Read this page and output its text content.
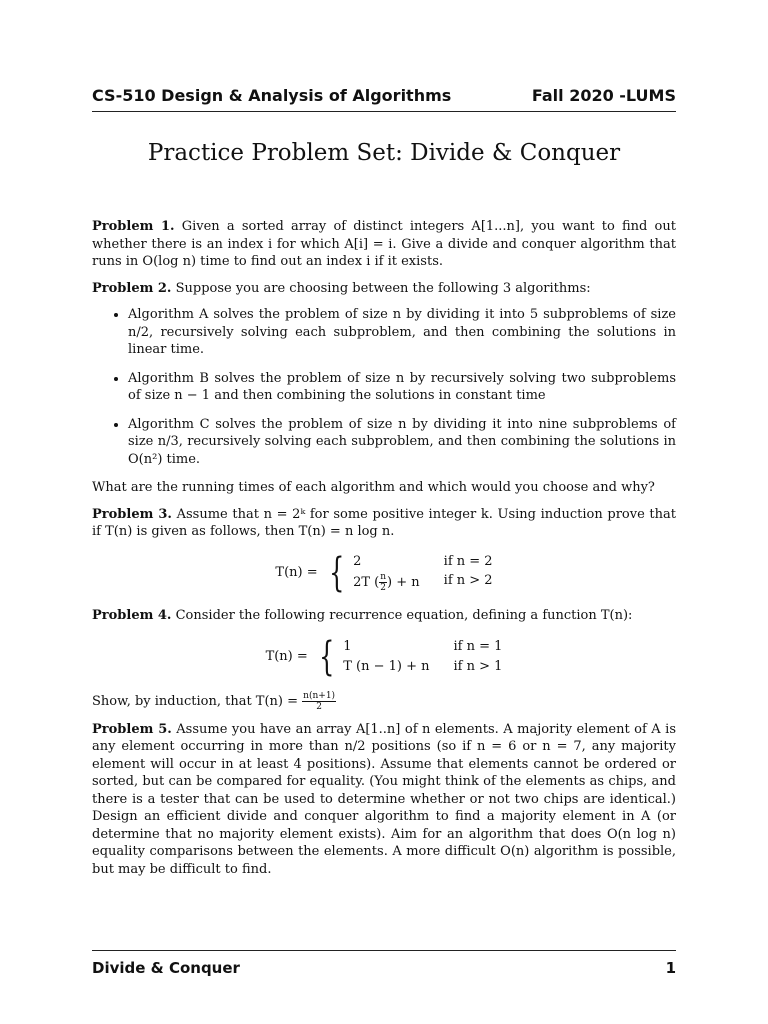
CS-510 Design & Analysis of Algorithms	Fall 2020 -LUMS
Practice Problem Set: Divide & Conquer

Problem 1. Given a sorted array of distinct integers A[1...n], you want to find out whether there is an index i for which A[i] = i. Give a divide and conquer algorithm that runs in O(log n) time to find out an index i if it exists.

Problem 2. Suppose you are choosing between the following 3 algorithms:

• Algorithm A solves the problem of size n by dividing it into 5 subproblems of size n/2, recursively solving each subproblem, and then combining the solutions in linear time.
• Algorithm B solves the problem of size n by recursively solving two subproblems of size n − 1 and then combining the solutions in constant time
• Algorithm C solves the problem of size n by dividing it into nine subproblems of size n/3, recursively solving each subproblem, and then combining the solutions in O(n²) time.

What are the running times of each algorithm and which would you choose and why?

Problem 3. Assume that n = 2ᵏ for some positive integer k. Using induction prove that if T(n) is given as follows, then T(n) = n log n.

T(n) = { 2	if n = 2
2T ( $\frac{n}{2}$ ) + n if n > 2

Problem 4. Consider the following recurrence equation, defining a function T(n):

T(n) = { 1	if n = 1
T (n − 1) + n if n > 1

Show, by induction, that $T(n) = \frac{n(n+1)}{2}$

Problem 5. Assume you have an array A[1..n] of n elements. A majority element of A is any element occurring in more than n/2 positions (so if n = 6 or n = 7, any majority element will occur in at least 4 positions). Assume that elements cannot be ordered or sorted, but can be compared for equality. (You might think of the elements as chips, and there is a tester that can be used to determine whether or not two chips are identical.) Design an efficient divide and conquer algorithm to find a majority element in A (or determine that no majority element exists). Aim for an algorithm that does O(n log n) equality comparisons between the elements. A more difficult O(n) algorithm is possible, but may be difficult to find.

Divide & Conquer	1
